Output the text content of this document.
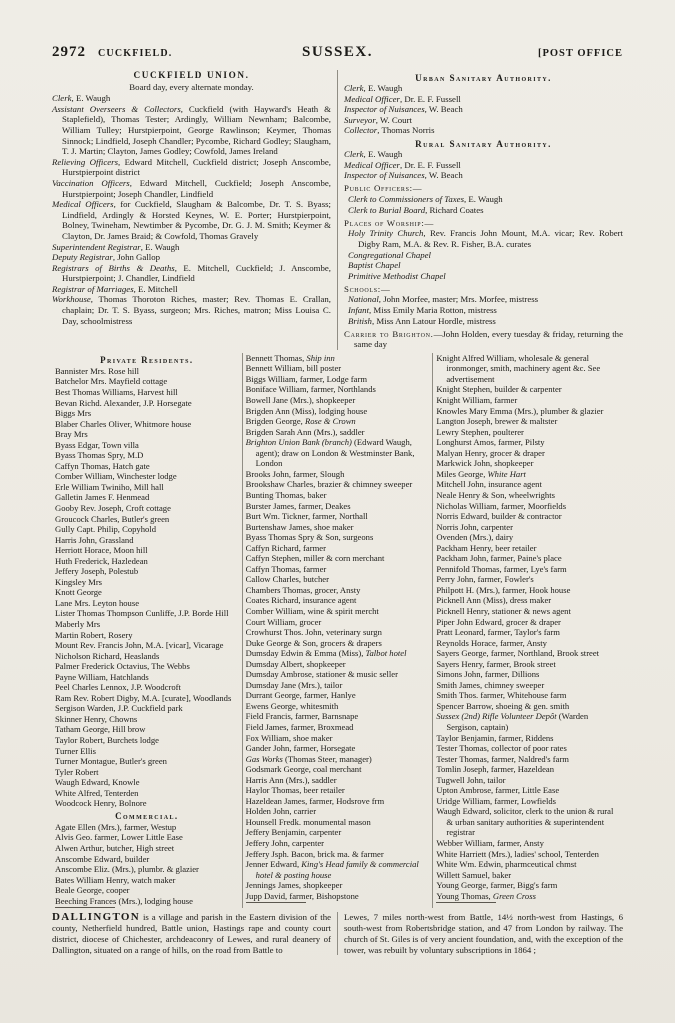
2972 CUCKFIELD.	SUSSEX.	[POST OFFICE
CUCKFIELD UNION.
Board day, every alternate monday.
Clerk, E. Waugh
Assistant Overseers & Collectors, Cuckfield (with Hayward's Heath & Staplefield), Thomas Tester; Ardingly, William Newnham; Balcombe, William Tulley; Hurstpierpoint, George Rawlinson; Keymer, Thomas Sinnock; Lindfield, Joseph Chandler; Pycombe, Richard Godley; Slaugham, T. J. Martin; Clayton, James Godley; Cowfold, James Ireland
Relieving Officers, Edward Mitchell, Cuckfield district; Joseph Anscombe, Hurstpierpoint district
Vaccination Officers, Edward Mitchell, Cuckfield; Joseph Anscombe, Hurstpierpoint; Joseph Chandler, Lindfield
Medical Officers, for Cuckfield, Slaugham & Balcombe, Dr. T. S. Byass; Lindfield, Ardingly & Horsted Keynes, W. E. Porter; Hurstpierpoint, Bolney, Twineham, Newtimber & Pycombe, Dr. G. J. M. Smith; Keymer & Clayton, Dr. James Braid; & Cowfold, Thomas Gravely
Superintendent Registrar, E. Waugh
Deputy Registrar, John Gallop
Registrars of Births & Deaths, E. Mitchell, Cuckfield; J. Anscombe, Hurstpierpoint; J. Chandler, Lindfield
Registrar of Marriages, E. Mitchell
Workhouse, Thomas Thoroton Riches, master; Rev. Thomas E. Crallan, chaplain; Dr. T. S. Byass, surgeon; Mrs. Riches, matron; Miss Louisa C. Day, schoolmistress
Urban Sanitary Authority.
Clerk, E. Waugh
Medical Officer, Dr. E. F. Fussell
Inspector of Nuisances, W. Beach
Surveyor, W. Court
Collector, Thomas Norris
Rural Sanitary Authority.
Clerk, E. Waugh
Medical Officer, Dr. E. F. Fussell
Inspector of Nuisances, W. Beach
Public Officers:—
Clerk to Commissioners of Taxes, E. Waugh
Clerk to Burial Board, Richard Coates
Places of Worship:—
Holy Trinity Church, Rev. Francis John Mount, M.A. vicar; Rev. Robert Digby Ram, M.A. & Rev. R. Fisher, B.A. curates
Congregational Chapel
Baptist Chapel
Primitive Methodist Chapel
Schools:—
National, John Morfee, master; Mrs. Morfee, mistress
Infant, Miss Emily Maria Rotton, mistress
British, Miss Ann Latour Hordle, mistress
Carrier to Brighton.—John Holden, every tuesday & friday, returning the same day
Private Residents.
Bannister Mrs. Rose hill
Batchelor Mrs. Mayfield cottage
Best Thomas Williams, Harvest hill
Bevan Richd. Alexander, J.P. Horsegate
Biggs Mrs
Blaber Charles Oliver, Whitmore house
Bray Mrs
Byass Edgar, Town villa
Byass Thomas Spry, M.D
Caffyn Thomas, Hatch gate
Comber William, Winchester lodge
Erle William Twiniho, Mill hall
Galletin James F. Henmead
Gooby Rev. Joseph, Croft cottage
Groucock Charles, Butler's green
Gully Capt. Philip, Copyhold
Harris John, Grassland
Herriott Horace, Moon hill
Huth Frederick, Hazledean
Jeffery Joseph, Polestub
Kingsley Mrs
Knott George
Lane Mrs. Leyton house
Lister Thomas Thompson Cunliffe, J.P. Borde Hill
Maberly Mrs
Martin Robert, Rosery
Mount Rev. Francis John, M.A. [vicar], Vicarage
Nicholson Richard, Heaslands
Palmer Frederick Octavius, The Webbs
Payne William, Hatchlands
Peel Charles Lennox, J.P. Woodcroft
Ram Rev. Robert Digby, M.A. [curate], Woodlands
Sergison Warden, J.P. Cuckfield park
Skinner Henry, Chowns
Tatham George, Hill brow
Taylor Robert, Burchets lodge
Turner Ellis
Turner Montague, Butler's green
Tyler Robert
Waugh Edward, Knowle
White Alfred, Tenterden
Woodcock Henry, Bolnore
Commercial.
Agate Ellen (Mrs.), farmer, Westup
Alvis Geo. farmer, Lower Little Ease
Alwen Arthur, butcher, High street
Anscombe Edward, builder
Anscombe Eliz. (Mrs.), plumbr. & glazier
Bates William Henry, watch maker
Beale George, cooper
Beeching Frances (Mrs.), lodging house
Bennett Thomas, Ship inn
Bennett William, bill poster
Biggs William, farmer, Lodge farm
Boniface William, farmer, Northlands
Bowell Jane (Mrs.), shopkeeper
Brigden Ann (Miss), lodging house
Brigden George, Rose & Crown
Brigden Sarah Ann (Mrs.), saddler
Brighton Union Bank (branch) (Edward Waugh, agent); draw on London & Westminster Bank, London
Brooks John, farmer, Slough
Brookshaw Charles, brazier & chimney sweeper
Bunting Thomas, baker
Burster James, farmer, Deakes
Burt Wm. Tickner, farmer, Northall
Burtenshaw James, shoe maker
Byass Thomas Spry & Son, surgeons
Caffyn Richard, farmer
Caffyn Stephen, miller & corn merchant
Caffyn Thomas, farmer
Callow Charles, butcher
Chambers Thomas, grocer, Ansty
Coates Richard, insurance agent
Comber William, wine & spirit mercht
Court William, grocer
Crowhurst Thos. John, veterinary surgn
Duke George & Son, grocers & drapers
Dumsday Edwin & Emma (Miss), Talbot hotel
Dumsday Albert, shopkeeper
Dumsday Ambrose, stationer & music seller
Dumsday Jane (Mrs.), tailor
Durrant George, farmer, Hanlye
Ewens George, whitesmith
Field Francis, farmer, Barnsnape
Field James, farmer, Broxmead
Fox William, shoe maker
Gander John, farmer, Horsegate
Gas Works (Thomas Steer, manager)
Godsmark George, coal merchant
Harris Ann (Mrs.), saddler
Haylor Thomas, beer retailer
Hazeldean James, farmer, Hodsrove frm
Holden John, carrier
Hounsell Fredk. monumental mason
Jeffery Benjamin, carpenter
Jeffery John, carpenter
Jeffery Jsph. Bacon, brick ma. & farmer
Jenner Edward, King's Head family & commercial hotel & posting house
Jennings James, shopkeeper
Jupp David, farmer, Bishopstone
Knight Alfred William, wholesale & general ironmonger, smith, machinery agent &c. See advertisement
Knight Stephen, builder & carpenter
Knight William, farmer
Knowles Mary Emma (Mrs.), plumber & glazier
Langton Joseph, brewer & maltster
Lewry Stephen, poulterer
Longhurst Amos, farmer, Pilsty
Malyan Henry, grocer & draper
Markwick John, shopkeeper
Miles George, White Hart
Mitchell John, insurance agent
Neale Henry & Son, wheelwrights
Nicholas William, farmer, Moorfields
Norris Edward, builder & contractor
Norris John, carpenter
Ovenden (Mrs.), dairy
Packham Henry, beer retailer
Packham John, farmer, Paine's place
Pennifold Thomas, farmer, Lye's farm
Perry John, farmer, Fowler's
Philpott H. (Mrs.), farmer, Hook house
Picknell Ann (Miss), dress maker
Picknell Henry, stationer & news agent
Piper John Edward, grocer & draper
Pratt Leonard, farmer, Taylor's farm
Reynolds Horace, farmer, Ansty
Sayers George, farmer, Northland, Brook street
Sayers Henry, farmer, Brook street
Simons John, farmer, Dillions
Smith James, chimney sweeper
Smith Thos. farmer, Whitehouse farm
Spencer Barrow, shoeing & gen. smith
Sussex (2nd) Rifle Volunteer Depôt (Warden Sergison, captain)
Taylor Benjamin, farmer, Riddens
Tester Thomas, collector of poor rates
Tester Thomas, farmer, Naldred's farm
Tomlin Joseph, farmer, Hazeldean
Tugwell John, tailor
Upton Ambrose, farmer, Little Ease
Uridge William, farmer, Lowfields
Waugh Edward, solicitor, clerk to the union & rural & urban sanitary authorities & superintendent registrar
Webber William, farmer, Ansty
White Harriett (Mrs.), ladies' school, Tenterden
White Wm. Edwin, pharmceutical chmst
Willett Samuel, baker
Young George, farmer, Bigg's farm
Young Thomas, Green Cross
DALLINGTON is a village and parish in the Eastern division of the county, Netherfield hundred, Battle union, Hastings rape and county court district, diocese of Chichester, archdeaconry of Lewes, and rural deanery of Dallington, situated on a range of hills, on the road from Battle to
Lewes, 7 miles north-west from Battle, 14½ north-west from Hastings, 6 south-west from Robertsbridge station, and 47 from London by railway. The church of St. Giles is of very ancient foundation, and, with the exception of the tower, was rebuilt by voluntary subscriptions in 1864 ;
